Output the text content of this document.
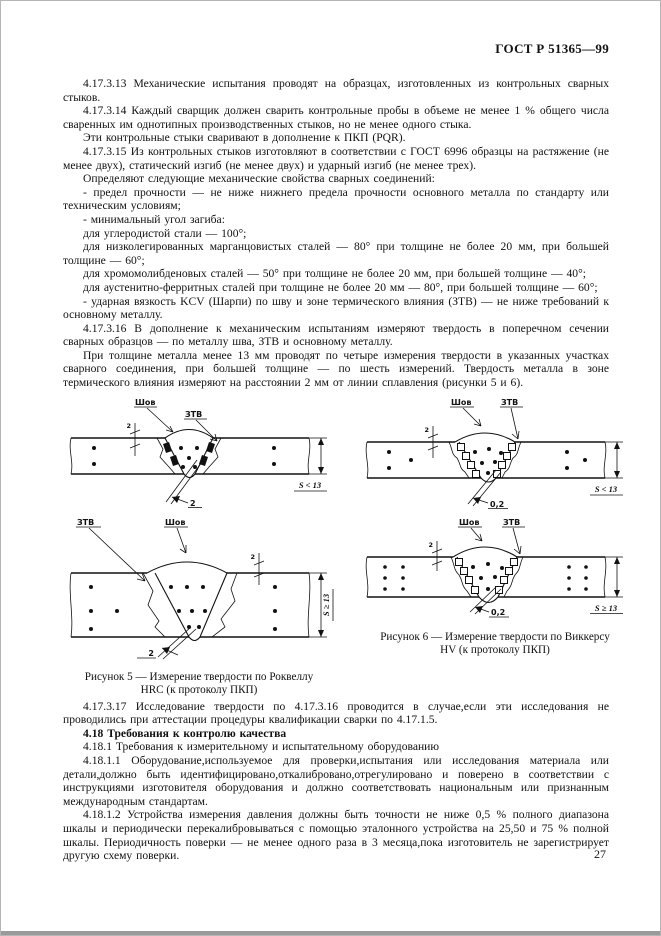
ГОСТ Р 51365—99

4.17.3.13 Механические испытания проводят на образцах, изготовленных из контрольных сварных стыков.

4.17.3.14 Каждый сварщик должен сварить контрольные пробы в объеме не менее 1 % общего числа сваренных им однотипных производственных стыков, но не менее одного стыка.

Эти контрольные стыки сваривают в дополнение к ПКП (PQR).

4.17.3.15 Из контрольных стыков изготовляют в соответствии с ГОСТ 6996 образцы на растяжение (не менее двух), статический изгиб (не менее двух) и ударный изгиб (не менее трех).

Определяют следующие механические свойства сварных соединений:

- предел прочности — не ниже нижнего предела прочности основного металла по стандарту или техническим условиям;

- минимальный угол загиба:

для углеродистой стали — 100°;

для низколегированных марганцовистых сталей — 80° при толщине не более 20 мм, при большей толщине — 60°;

для хромомолибденовых сталей — 50° при толщине не более 20 мм, при большей толщине — 40°;

для аустенитно-ферритных сталей при толщине не более 20 мм — 80°, при большей толщине — 60°;

- ударная вязкость KCV (Шарпи) по шву и зоне термического влияния (ЗТВ) — не ниже требований к основному металлу.

4.17.3.16 В дополнение к механическим испытаниям измеряют твердость в поперечном сечении сварных образцов — по металлу шва, ЗТВ и основному металлу.

При толщине металла менее 13 мм проводят по четыре измерения твердости в указанных участках сварного соединения, при большей толщине — по шесть измерений. Твердость металла в зоне термического влияния измеряют на расстоянии 2 мм от линии сплавления (рисунки 5 и 6).

Шов
ЗТВ
2
S < 13
2
ЗТВ	Шов
2
S ≥ 13
2
Рисунок 5 — Измерение твердости по Роквеллу
HRC (к протоколу ПКП)
Шов	ЗТВ
2
S < 13
0,2
Шов	ЗТВ
2
S ≥ 13
0,2
Рисунок 6 — Измерение твердости по Виккерсу
HV (к протоколу ПКП)

4.17.3.17 Исследование твердости по 4.17.3.16 проводится в случае,если эти исследования не проводились при аттестации процедуры квалификации сварки по 4.17.1.5.

4.18 Требования к контролю качества

4.18.1 Требования к измерительному и испытательному оборудованию

4.18.1.1 Оборудование,используемое для проверки,испытания или исследования материала или детали,должно быть идентифицировано,откалибровано,отрегулировано и поверено в соответствии с инструкциями изготовителя оборудования и должно соответствовать национальным или признанным международным стандартам.

4.18.1.2 Устройства измерения давления должны быть точности не ниже 0,5 % полного диапазона шкалы и периодически перекалибровываться с помощью эталонного устройства на 25,50 и 75 % полной шкалы. Периодичность поверки — не менее одного раза в 3 месяца,пока изготовитель не зарегистрирует другую схему поверки.	27
